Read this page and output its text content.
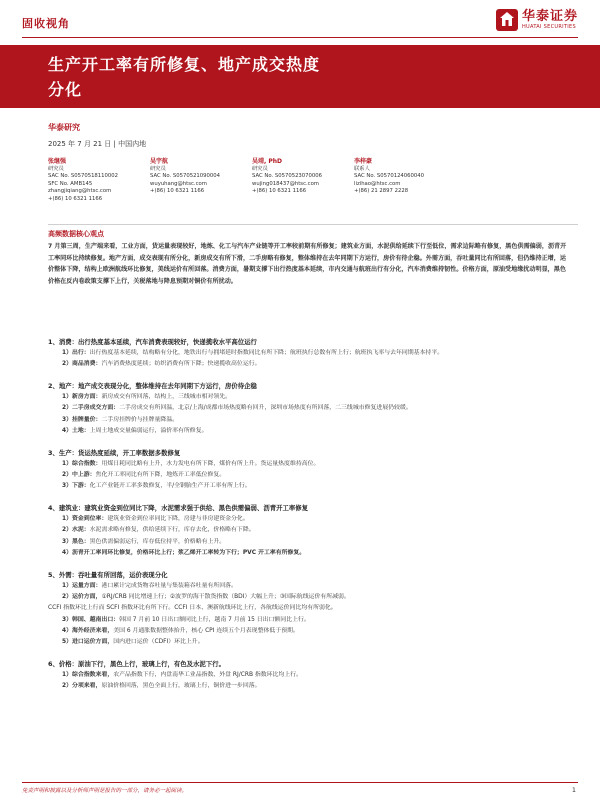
固收视角	华泰证券
HUATAI SECURITIES
生产开工率有所修复、地产成交热度
分化
华泰研究
2025 年 7 月 21 日 | 中国内地
张继强
研究员
SAC No. S0570518110002
SFC No. AMB145
zhangjiqiang@htsc.com
+(86) 10 6321 1166
吴宇航
研究员
SAC No. S0570521090004
wuyuhang@htsc.com
+(86) 10 6321 1166
吴靖, PhD
研究员
SAC No. S0570523070006
wujing018437@htsc.com
+(86) 10 6321 1166
李梓豪
联系人
SAC No. S0570124060040
lizihao@htsc.com
+(86) 21 2897 2228
高频数据核心观点
7 月第三周，生产端来看，工业方面，货运量表现较好，地炼、化工与汽车产业链等开工率较前期有所修复；建筑业方面，水泥供给延续下行至低位，需求边际略有修复，黑色供需偏弱，沥青开工率同环比持续修复。地产方面，成交表现有所分化，新房成交有所下滑，二手房略有修复，整体维持在去年同期下方运行，房价有待企稳。外需方面，吞吐量同比有所回落，但仍维持正增，运价整体下降，结构上欧洲航线环比修复，美线运价有所回落。消费方面，暑期支撑下出行热度基本延续，市内交通与航班出行有分化，汽车消费维持韧性。价格方面，原油受地缘扰动明显，黑色价格在反内卷政策支撑下上行，关税落地与降息预期对铜价有所扰动。
1、消费：出行热度基本延续，汽车消费表现较好，快递揽收水平高位运行
1）出行：出行热度基本延续，结构略有分化，地铁出行与拥堵延时指数同比有所下降；航班执行总数有所上行；航班执飞率与去年同期基本持平。
2）商品消费：汽车消费热度延续；纺织消费有所下降；快递揽收高位运行。
2、地产：地产成交表现分化，整体维持在去年同期下方运行，房价待企稳
1）新房方面：新房成交有所回落，结构上，三线城市相对领先。
2）二手房成交方面：二手房成交有所回温，北京/上海/成都市场热度略有回升，深圳市场热度有所回落，二三线城市修复进展仍较缓。
3）挂牌量价：二手房挂牌价与挂牌量降温。
4）土地：上周土地成交量偏弱运行，溢价率有所修复。
3、生产：货运热度延续，开工率数据多数修复
1）综合指数：用煤日耗同比略有上升，水力发电有所下降，煤价有所上升。货运量热度维持高位。
2）中上游：焦化开工率同比有所下降，地炼开工率低位修复。
3）下游：化工产业链开工率多数修复，半/全钢胎生产开工率有所上行。
4、建筑业：建筑业资金到位同比下降，水泥需求强于供给、黑色供需偏弱、沥青开工率修复
1）资金到位率：建筑业资金到位率同比下降，房建与非房建资金分化。
2）水泥：水泥需求略有修复，供给延续下行，库存去化，价格略有下降。
3）黑色：黑色供需偏弱运行，库存低位持平，价格略有上升。
4）沥青开工率同环比修复，价格环比上行；浆乙烯开工率转为下行；PVC 开工率有所修复。
5、外需：吞吐量有所回落，运价表现分化
1）运量方面：港口累计完成货物吞吐量与集装箱吞吐量有所回落。
2）运价方面，①RJ/CRB 同比增速上行；②波罗的海干散货指数（BDI）大幅上升；③国际航线运价有所减弱。
CCFI 指数环比上行而 SCFI 指数环比有所下行。CCFI 日本、澳新航线环比上行，各航线运价同比均有所弱化。
3）韩国、越南出口：韩国 7 月前 10 日出口额同比上行，越南 7 月前 15 日出口额同比上行。
4）海外经济来看，美国 6 月通胀数据整体抬升，核心 CPI 连续五个月表现整体低于预期。
5）进口运价方面，国内进口运价（CDFI）环比上升。
6、价格：原油下行，黑色上行，玻璃上行，有色及水泥下行。
1）综合指数来看，农产品指数下行，内盘南华工业品指数、外盘 RJ/CRB 指数环比均上行。
2）分项来看，原油价格回落，黑色全面上行，玻璃上行，铜价进一步回落。
免责声明和披露以及分析师声明是报告的一部分，请务必一起阅读。	1
